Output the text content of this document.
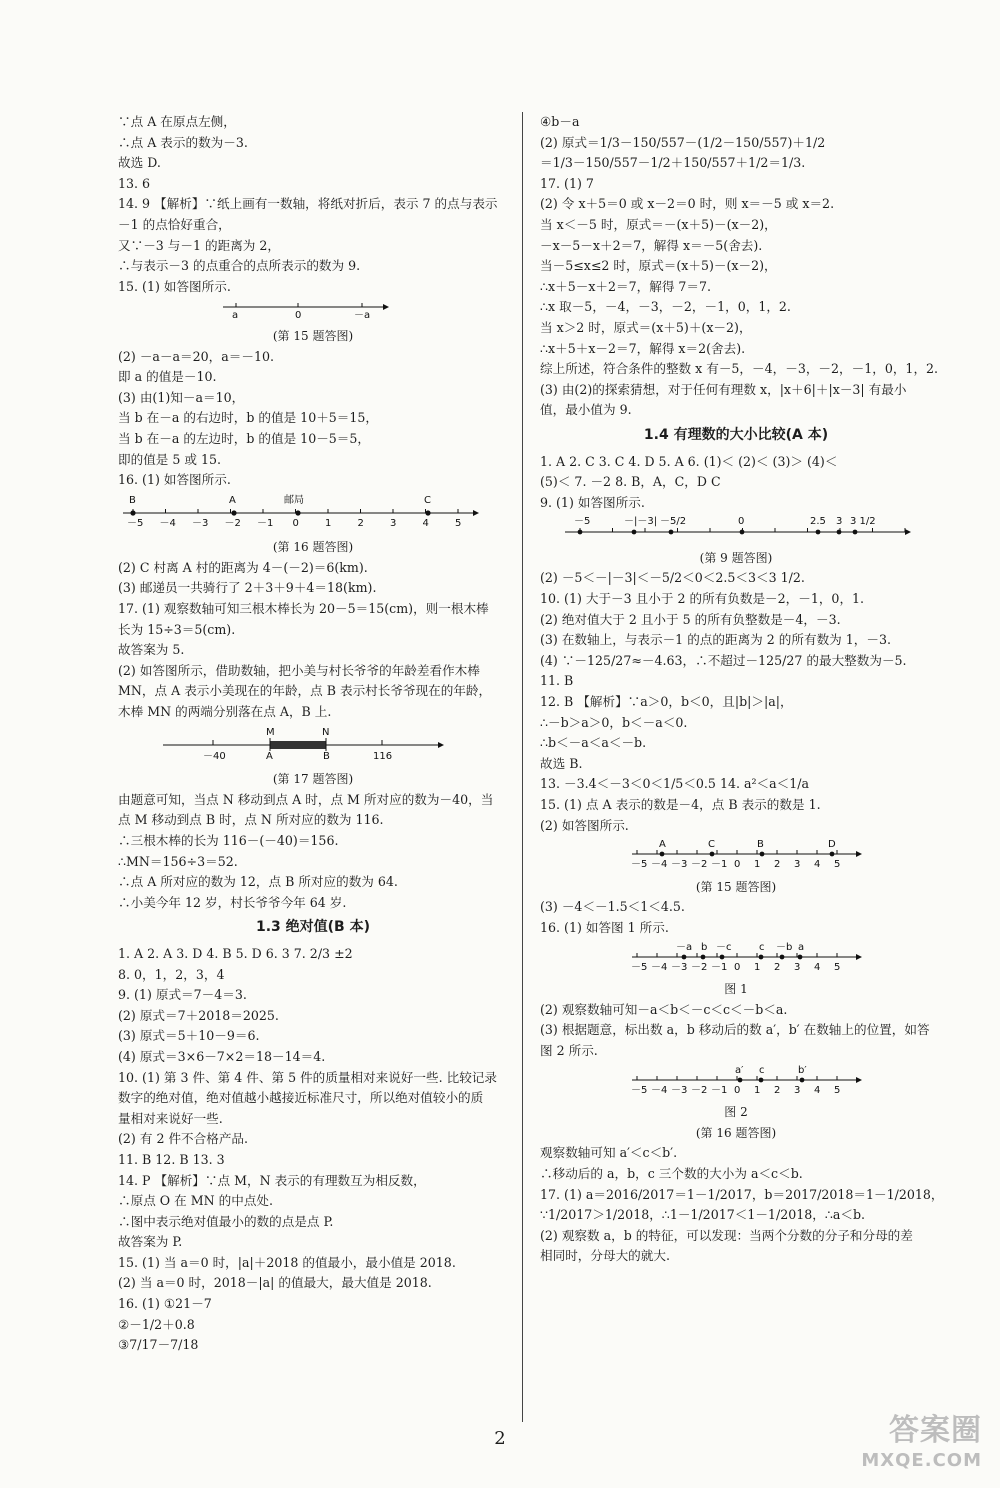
∵点 A 在原点左侧，
∴点 A 表示的数为－3.
故选 D.
13. 6
14. 9 【解析】∵纸上画有一数轴，将纸对折后，表示 7 的点与表示
－1 的点恰好重合，
又∵－3 与－1 的距离为 2，
∴与表示－3 的点重合的点所表示的数为 9.
15. (1) 如答图所示.
a	0	－a
(第 15 题答图)
(2) －a－a＝20，a＝－10.
即 a 的值是－10.
(3) 由(1)知－a＝10，
当 b 在－a 的右边时，b 的值是 10＋5＝15，
当 b 在－a 的左边时，b 的值是 10－5＝5，
即的值是 5 或 15.
16. (1) 如答图所示.
B	A	邮局	C
－5 －4 －3 －2 －1 0	1	2	3	4	5
(第 16 题答图)
(2) C 村离 A 村的距离为 4－(－2)＝6(km).
(3) 邮递员一共骑行了 2＋3＋9＋4＝18(km).
17. (1) 观察数轴可知三根木棒长为 20－5＝15(cm)，则一根木棒
长为 15÷3＝5(cm).
故答案为 5.
(2) 如答图所示，借助数轴，把小美与村长爷爷的年龄差看作木棒
MN，点 A 表示小美现在的年龄，点 B 表示村长爷爷现在的年龄，
木棒 MN 的两端分别落在点 A，B 上.
M	N
－40	A	B	116
(第 17 题答图)
由题意可知，当点 N 移动到点 A 时，点 M 所对应的数为－40，当
点 M 移动到点 B 时，点 N 所对应的数为 116.
∴三根木棒的长为 116－(－40)＝156.
∴MN＝156÷3＝52.
∴点 A 所对应的数为 12，点 B 所对应的数为 64.
∴小美今年 12 岁，村长爷爷今年 64 岁.
1.3 绝对值(B 本)
1. A 2. A 3. D 4. B 5. D 6. 3 7. 2/3 ±2
8. 0，1，2，3，4
9. (1) 原式＝7－4＝3.
(2) 原式＝7＋2018＝2025.
(3) 原式＝5＋10－9＝6.
(4) 原式＝3×6－7×2＝18－14＝4.
10. (1) 第 3 件、第 4 件、第 5 件的质量相对来说好一些. 比较记录
数字的绝对值，绝对值越小越接近标准尺寸，所以绝对值较小的质
量相对来说好一些.
(2) 有 2 件不合格产品.
11. B 12. B 13. 3
14. P 【解析】∵点 M，N 表示的有理数互为相反数，
∴原点 O 在 MN 的中点处.
∴图中表示绝对值最小的数的点是点 P.
故答案为 P.
15. (1) 当 a＝0 时，|a|＋2018 的值最小，最小值是 2018.
(2) 当 a＝0 时，2018－|a| 的值最大，最大值是 2018.
16. (1) ①21－7
②－1/2＋0.8
③7/17－7/18
④b－a
(2) 原式＝1/3－150/557－(1/2－150/557)＋1/2
＝1/3－150/557－1/2＋150/557＋1/2＝1/3.
17. (1) 7
(2) 令 x＋5＝0 或 x－2＝0 时，则 x＝－5 或 x＝2.
当 x＜－5 时，原式＝－(x＋5)－(x－2)，
－x－5－x＋2＝7，解得 x＝－5(舍去).
当－5≤x≤2 时，原式＝(x＋5)－(x－2)，
∴x＋5－x＋2＝7，解得 7＝7.
∴x 取－5，－4，－3，－2，－1，0，1，2.
当 x＞2 时，原式＝(x＋5)＋(x－2)，
∴x＋5＋x－2＝7，解得 x＝2(舍去).
综上所述，符合条件的整数 x 有－5，－4，－3，－2，－1，0，1，2.
(3) 由(2)的探索猜想，对于任何有理数 x，|x＋6|＋|x－3| 有最小
值，最小值为 9.
1.4 有理数的大小比较(A 本)
1. A 2. C 3. C 4. D 5. A 6. (1)＜ (2)＜ (3)＞ (4)＜
(5)＜ 7. －2 8. B，A，C，D C
9. (1) 如答图所示.
－5	－|－3| －5/2	0	2.5 3 3 1/2
(第 9 题答图)
(2) －5＜－|－3|＜－5/2＜0＜2.5＜3＜3 1/2.
10. (1) 大于－3 且小于 2 的所有负数是－2，－1，0，1.
(2) 绝对值大于 2 且小于 5 的所有负整数是－4，－3.
(3) 在数轴上，与表示－1 的点的距离为 2 的所有数为 1，－3.
(4) ∵－125/27≈－4.63，∴不超过－125/27 的最大整数为－5.
11. B
12. B 【解析】∵a＞0，b＜0，且|b|＞|a|，
∴－b＞a＞0，b＜－a＜0.
∴b＜－a＜a＜－b.
故选 B.
13. －3.4＜－3＜0＜1/5＜0.5 14. a²＜a＜1/a
15. (1) 点 A 表示的数是－4，点 B 表示的数是 1.
(2) 如答图所示.
A	C	B	D
－5 －4 －3 －2 －1 0 1 2 3 4 5
(第 15 题答图)
(3) －4＜－1.5＜1＜4.5.
16. (1) 如答图 1 所示.
－a b －c	c －b a
－5 －4 －3 －2 －1 0 1 2 3 4 5
图 1
(2) 观察数轴可知－a＜b＜－c＜c＜－b＜a.
(3) 根据题意，标出数 a，b 移动后的数 a′，b′ 在数轴上的位置，如答
图 2 所示.
a′ c	b′
－5 －4 －3 －2 －1 0 1 2 3 4 5
图 2
(第 16 题答图)
观察数轴可知 a′＜c＜b′.
∴移动后的 a，b，c 三个数的大小为 a＜c＜b.
17. (1) a＝2016/2017＝1－1/2017，b＝2017/2018＝1－1/2018，
∵1/2017＞1/2018，∴1－1/2017＜1－1/2018，∴a＜b.
(2) 观察数 a，b 的特征，可以发现：当两个分数的分子和分母的差
相同时，分母大的就大.
2	答案圈
MXQE.COM
